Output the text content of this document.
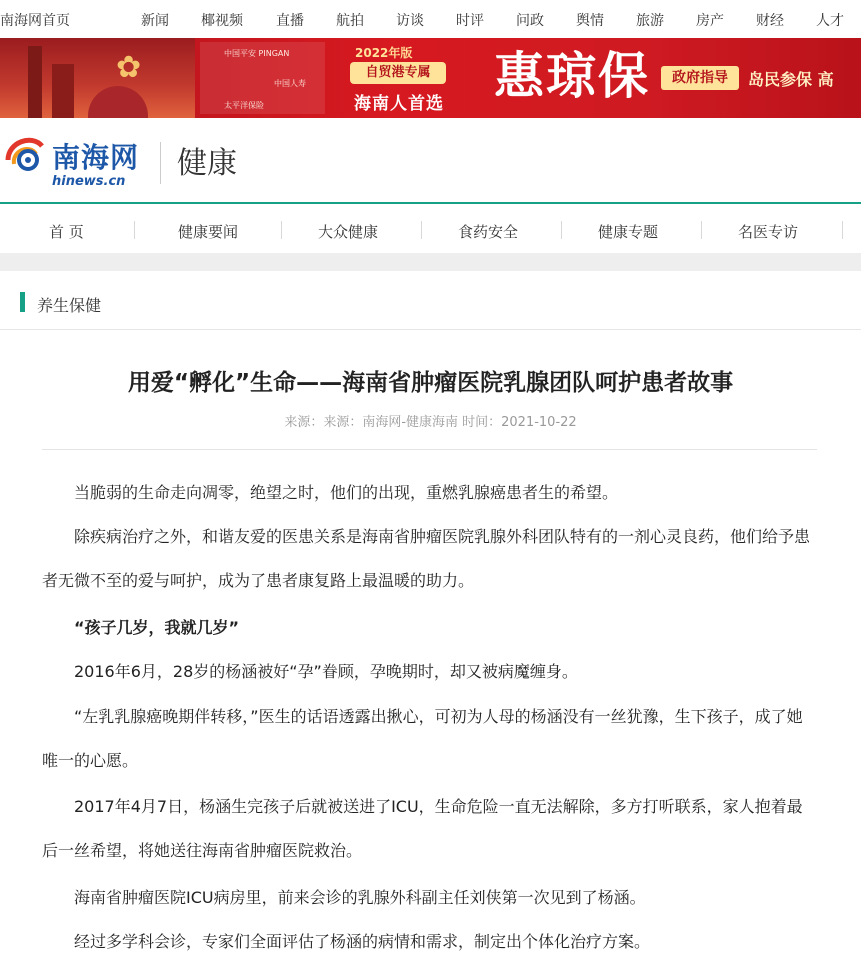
南海网首页	新闻 椰视频 直播 航拍 访谈 时评 问政 舆情 旅游 房产 财经 人才
✿	中国平安 PINGAN
中国人寿
太平洋保险
2022年版
自贸港专属
海南人首选 惠琼保	政府指导	岛民参保 高
南海网
hinews.cn
健康
首 页	健康要闻	大众健康	食药安全	健康专题	名医专访
养生保健
用爱“孵化”生命——海南省肿瘤医院乳腺团队呵护患者故事
来源：来源：南海网-健康海南 时间：2021-10-22

当脆弱的生命走向凋零，绝望之时，他们的出现，重燃乳腺癌患者生的希望。

除疾病治疗之外，和谐友爱的医患关系是海南省肿瘤医院乳腺外科团队特有的一剂心灵良药，他们给予患者无微不至的爱与呵护，成为了患者康复路上最温暖的助力。

“孩子几岁，我就几岁”

2016年6月，28岁的杨涵被好“孕”眷顾，孕晚期时，却又被病魔缠身。

“左乳乳腺癌晚期伴转移，”医生的话语透露出揪心，可初为人母的杨涵没有一丝犹豫，生下孩子，成了她唯一的心愿。

2017年4月7日，杨涵生完孩子后就被送进了ICU，生命危险一直无法解除，多方打听联系，家人抱着最后一丝希望，将她送往海南省肿瘤医院救治。

海南省肿瘤医院ICU病房里，前来会诊的乳腺外科副主任刘侠第一次见到了杨涵。

经过多学科会诊，专家们全面评估了杨涵的病情和需求，制定出个体化治疗方案。
